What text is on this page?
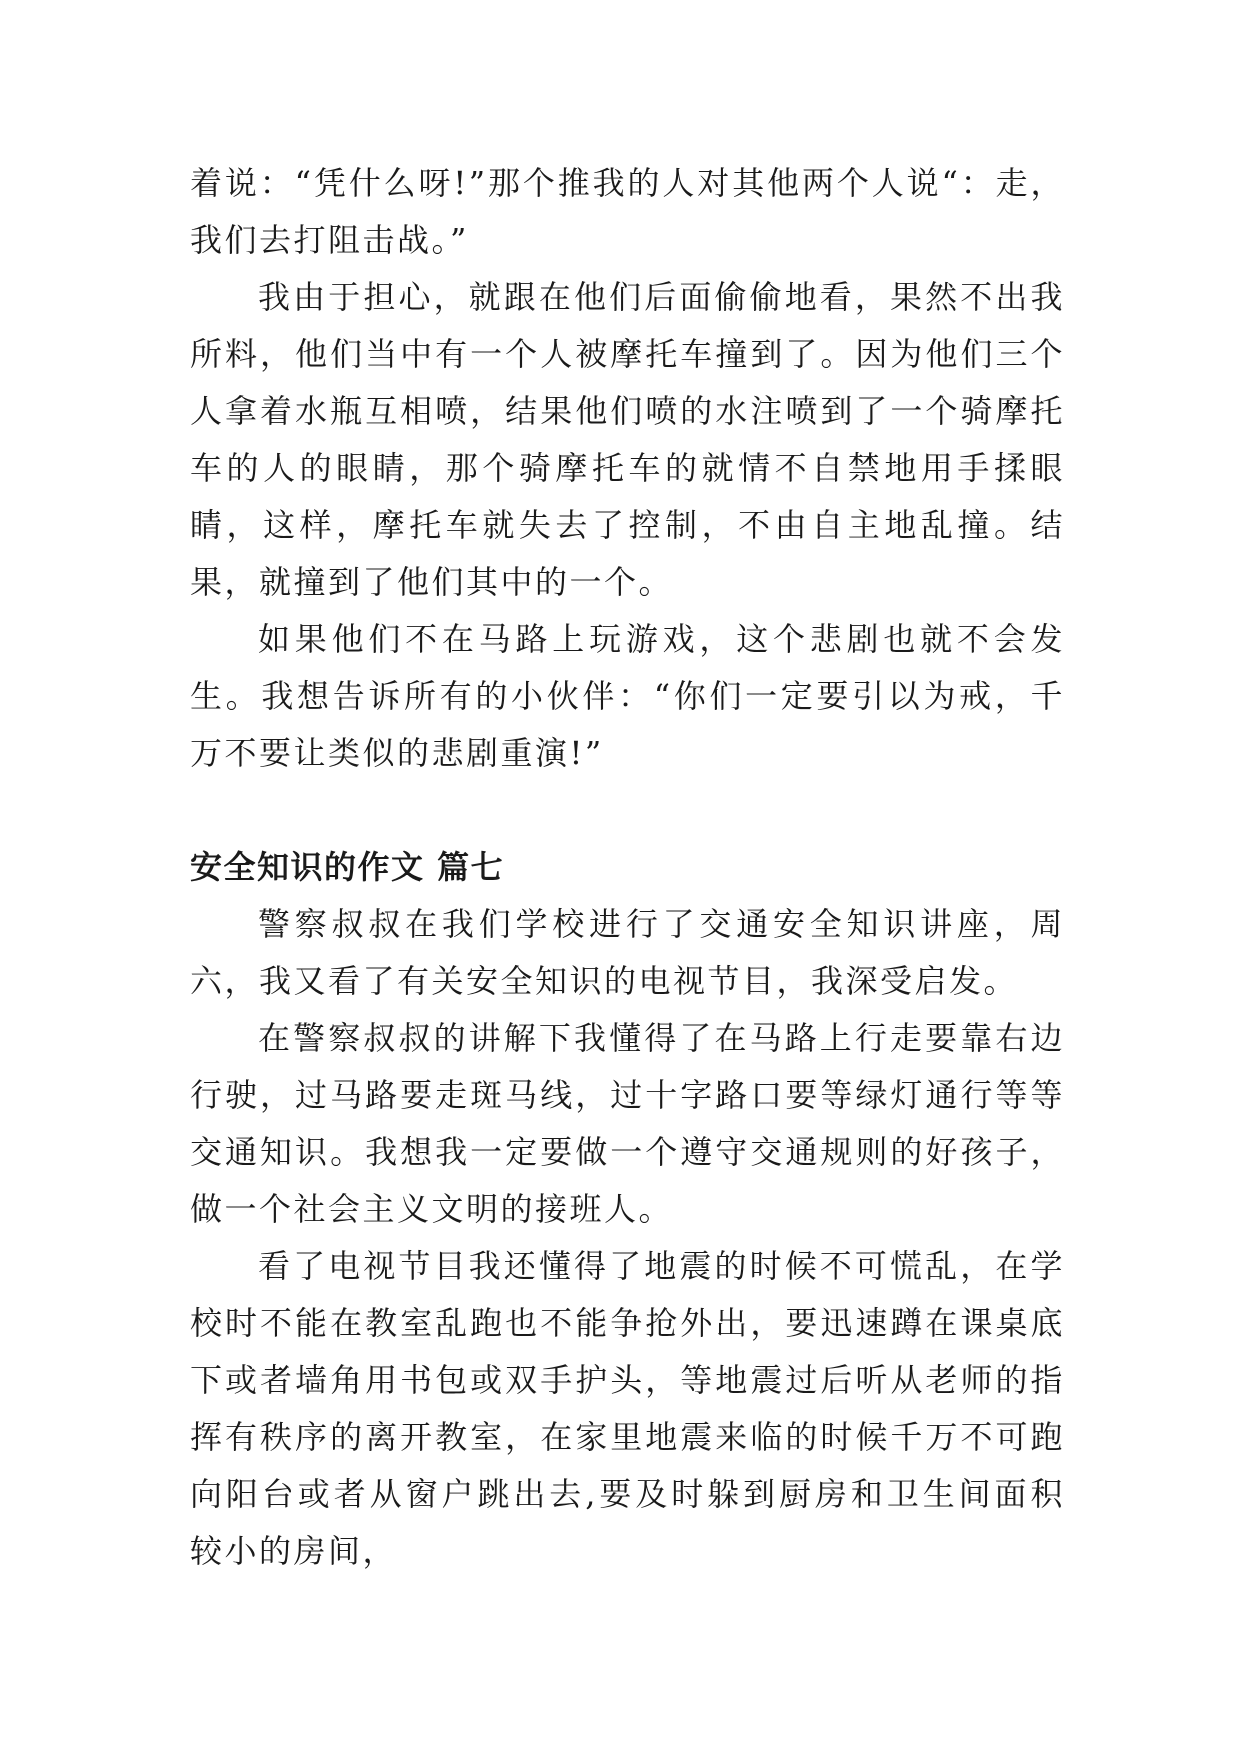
着说：“凭什么呀!”那个推我的人对其他两个人说“：走，我们去打阻击战。”

我由于担心，就跟在他们后面偷偷地看，果然不出我所料，他们当中有一个人被摩托车撞到了。因为他们三个人拿着水瓶互相喷，结果他们喷的水注喷到了一个骑摩托车的人的眼睛，那个骑摩托车的就情不自禁地用手揉眼睛，这样，摩托车就失去了控制，不由自主地乱撞。结果，就撞到了他们其中的一个。

如果他们不在马路上玩游戏，这个悲剧也就不会发生。我想告诉所有的小伙伴：“你们一定要引以为戒，千万不要让类似的悲剧重演!”

安全知识的作文 篇七

警察叔叔在我们学校进行了交通安全知识讲座，周六，我又看了有关安全知识的电视节目，我深受启发。

在警察叔叔的讲解下我懂得了在马路上行走要靠右边行驶，过马路要走斑马线，过十字路口要等绿灯通行等等交通知识。我想我一定要做一个遵守交通规则的好孩子，做一个社会主义文明的接班人。

看了电视节目我还懂得了地震的时候不可慌乱，在学校时不能在教室乱跑也不能争抢外出，要迅速蹲在课桌底下或者墙角用书包或双手护头，等地震过后听从老师的指挥有秩序的离开教室，在家里地震来临的时候千万不可跑向阳台或者从窗户跳出去,要及时躲到厨房和卫生间面积较小的房间，
